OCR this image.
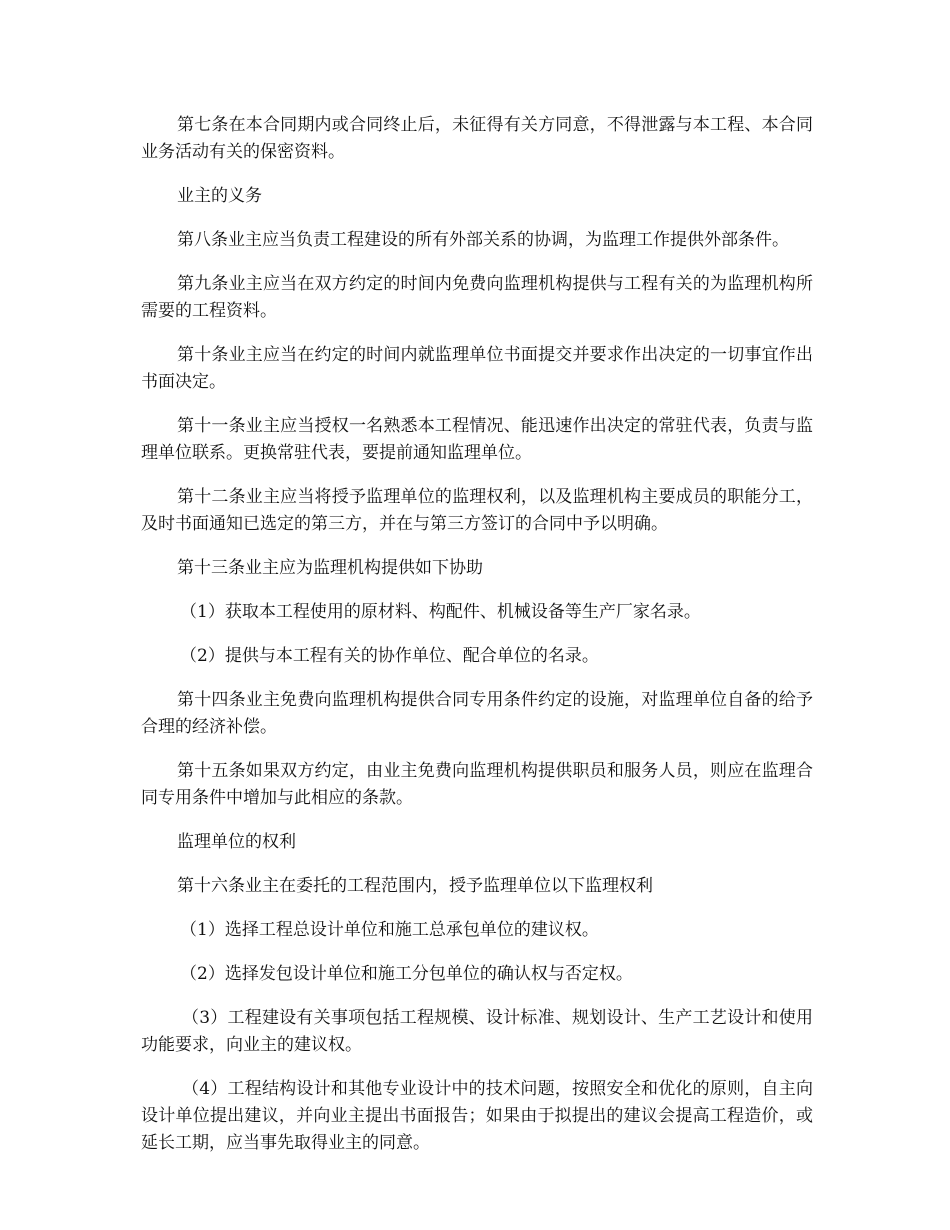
第七条在本合同期内或合同终止后，未征得有关方同意，不得泄露与本工程、本合同业务活动有关的保密资料。

业主的义务

第八条业主应当负责工程建设的所有外部关系的协调，为监理工作提供外部条件。

第九条业主应当在双方约定的时间内免费向监理机构提供与工程有关的为监理机构所需要的工程资料。

第十条业主应当在约定的时间内就监理单位书面提交并要求作出决定的一切事宜作出书面决定。

第十一条业主应当授权一名熟悉本工程情况、能迅速作出决定的常驻代表，负责与监理单位联系。更换常驻代表，要提前通知监理单位。

第十二条业主应当将授予监理单位的监理权利，以及监理机构主要成员的职能分工，及时书面通知已选定的第三方，并在与第三方签订的合同中予以明确。

第十三条业主应为监理机构提供如下协助

（1）获取本工程使用的原材料、构配件、机械设备等生产厂家名录。

（2）提供与本工程有关的协作单位、配合单位的名录。

第十四条业主免费向监理机构提供合同专用条件约定的设施，对监理单位自备的给予合理的经济补偿。

第十五条如果双方约定，由业主免费向监理机构提供职员和服务人员，则应在监理合同专用条件中增加与此相应的条款。

监理单位的权利

第十六条业主在委托的工程范围内，授予监理单位以下监理权利

（1）选择工程总设计单位和施工总承包单位的建议权。

（2）选择发包设计单位和施工分包单位的确认权与否定权。

（3）工程建设有关事项包括工程规模、设计标准、规划设计、生产工艺设计和使用功能要求，向业主的建议权。

（4）工程结构设计和其他专业设计中的技术问题，按照安全和优化的原则，自主向设计单位提出建议，并向业主提出书面报告；如果由于拟提出的建议会提高工程造价，或延长工期，应当事先取得业主的同意。
